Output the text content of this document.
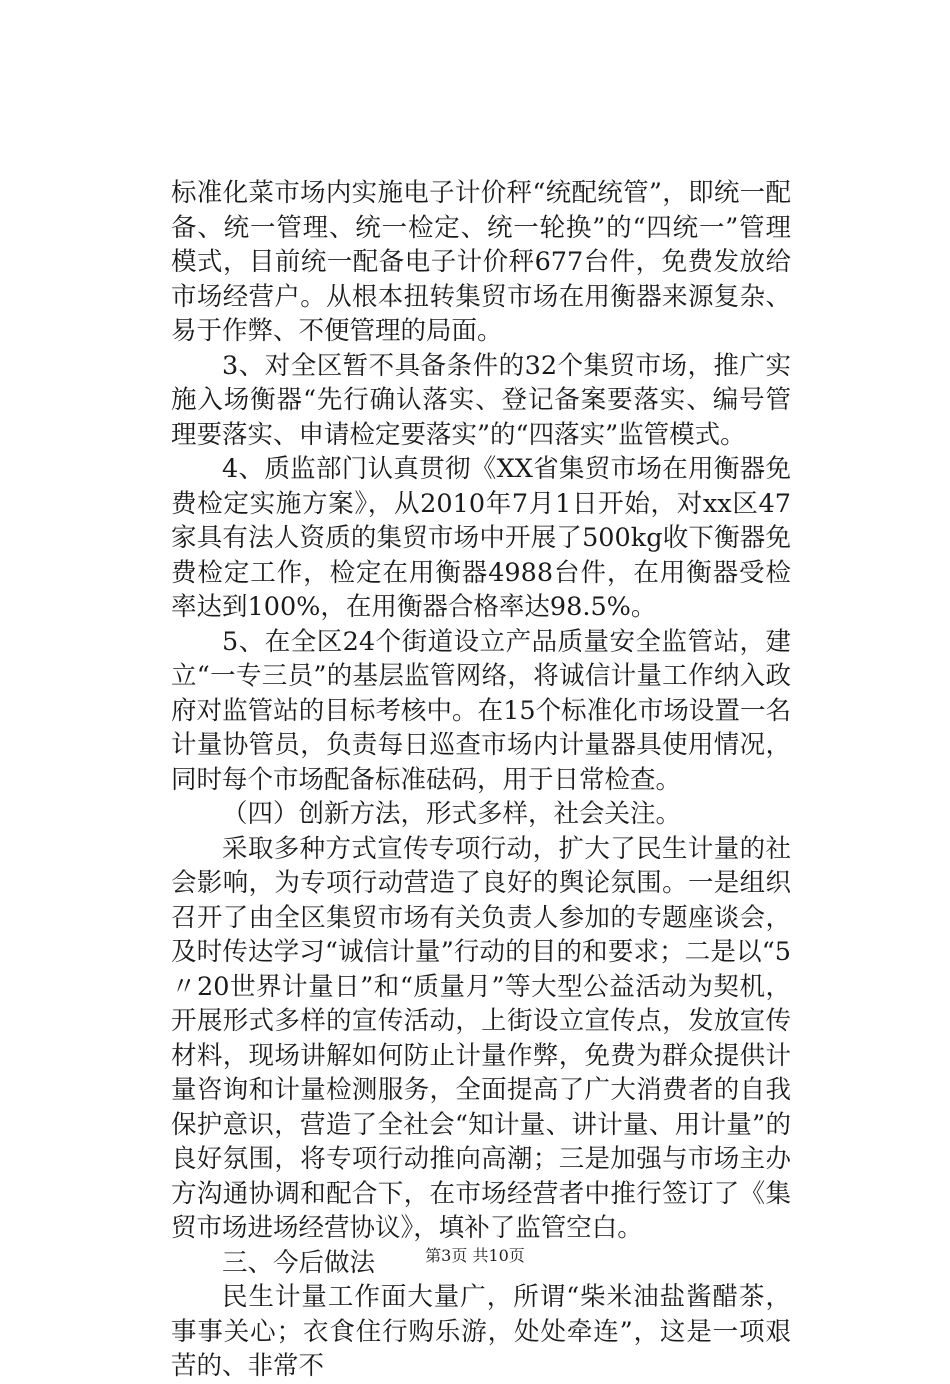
标准化菜市场内实施电子计价秤“统配统管”，即统一配备、统一管理、统一检定、统一轮换”的“四统一”管理模式，目前统一配备电子计价秤677台件，免费发放给市场经营户。从根本扭转集贸市场在用衡器来源复杂、易于作弊、不便管理的局面。

3、对全区暂不具备条件的32个集贸市场，推广实施入场衡器“先行确认落实、登记备案要落实、编号管理要落实、申请检定要落实”的“四落实”监管模式。

4、质监部门认真贯彻《XX省集贸市场在用衡器免费检定实施方案》，从2010年7月1日开始，对xx区47家具有法人资质的集贸市场中开展了500kg收下衡器免费检定工作，检定在用衡器4988台件，在用衡器受检率达到100%，在用衡器合格率达98.5%。

5、在全区24个街道设立产品质量安全监管站，建立“一专三员”的基层监管网络，将诚信计量工作纳入政府对监管站的目标考核中。在15个标准化市场设置一名计量协管员，负责每日巡查市场内计量器具使用情况，同时每个市场配备标准砝码，用于日常检查。

（四）创新方法，形式多样，社会关注。

采取多种方式宣传专项行动，扩大了民生计量的社会影响，为专项行动营造了良好的舆论氛围。一是组织召开了由全区集贸市场有关负责人参加的专题座谈会，及时传达学习“诚信计量”行动的目的和要求；二是以“5〃20世界计量日”和“质量月”等大型公益活动为契机，开展形式多样的宣传活动，上街设立宣传点，发放宣传材料，现场讲解如何防止计量作弊，免费为群众提供计量咨询和计量检测服务，全面提高了广大消费者的自我保护意识，营造了全社会“知计量、讲计量、用计量”的良好氛围，将专项行动推向高潮；三是加强与市场主办方沟通协调和配合下，在市场经营者中推行签订了《集贸市场进场经营协议》，填补了监管空白。

三、今后做法

民生计量工作面大量广，所谓“柴米油盐酱醋茶，事事关心；衣食住行购乐游，处处牵连”，这是一项艰苦的、非常不

第3页 共10页
